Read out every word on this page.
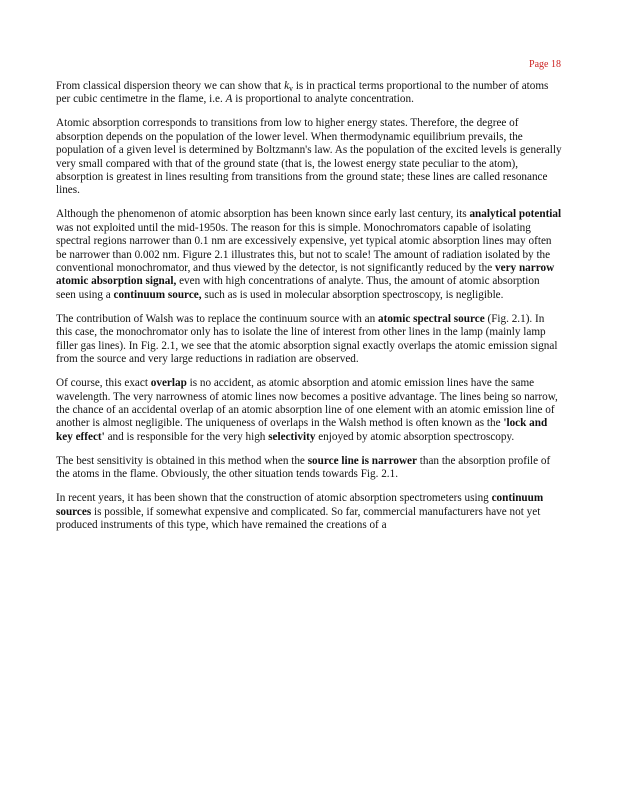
Page 18

From classical dispersion theory we can show that $k_v$ is in practical terms proportional to the number of atoms per cubic centimetre in the flame, i.e. A is proportional to analyte concentration.

Atomic absorption corresponds to transitions from low to higher energy states. Therefore, the degree of absorption depends on the population of the lower level. When thermodynamic equilibrium prevails, the population of a given level is determined by Boltzmann's law. As the population of the excited levels is generally very small compared with that of the ground state (that is, the lowest energy state peculiar to the atom), absorption is greatest in lines resulting from transitions from the ground state; these lines are called resonance lines.

Although the phenomenon of atomic absorption has been known since early last century, its analytical potential was not exploited until the mid-1950s. The reason for this is simple. Monochromators capable of isolating spectral regions narrower than 0.1 nm are excessively expensive, yet typical atomic absorption lines may often be narrower than 0.002 nm. Figure 2.1 illustrates this, but not to scale! The amount of radiation isolated by the conventional monochromator, and thus viewed by the detector, is not significantly reduced by the very narrow atomic absorption signal, even with high concentrations of analyte. Thus, the amount of atomic absorption seen using a continuum source, such as is used in molecular absorption spectroscopy, is negligible.

The contribution of Walsh was to replace the continuum source with an atomic spectral source (Fig. 2.1). In this case, the monochromator only has to isolate the line of interest from other lines in the lamp (mainly lamp filler gas lines). In Fig. 2.1, we see that the atomic absorption signal exactly overlaps the atomic emission signal from the source and very large reductions in radiation are observed.

Of course, this exact overlap is no accident, as atomic absorption and atomic emission lines have the same wavelength. The very narrowness of atomic lines now becomes a positive advantage. The lines being so narrow, the chance of an accidental overlap of an atomic absorption line of one element with an atomic emission line of another is almost negligible. The uniqueness of overlaps in the Walsh method is often known as the 'lock and key effect' and is responsible for the very high selectivity enjoyed by atomic absorption spectroscopy.

The best sensitivity is obtained in this method when the source line is narrower than the absorption profile of the atoms in the flame. Obviously, the other situation tends towards Fig. 2.1.

In recent years, it has been shown that the construction of atomic absorption spectrometers using continuum sources is possible, if somewhat expensive and complicated. So far, commercial manufacturers have not yet produced instruments of this type, which have remained the creations of a
